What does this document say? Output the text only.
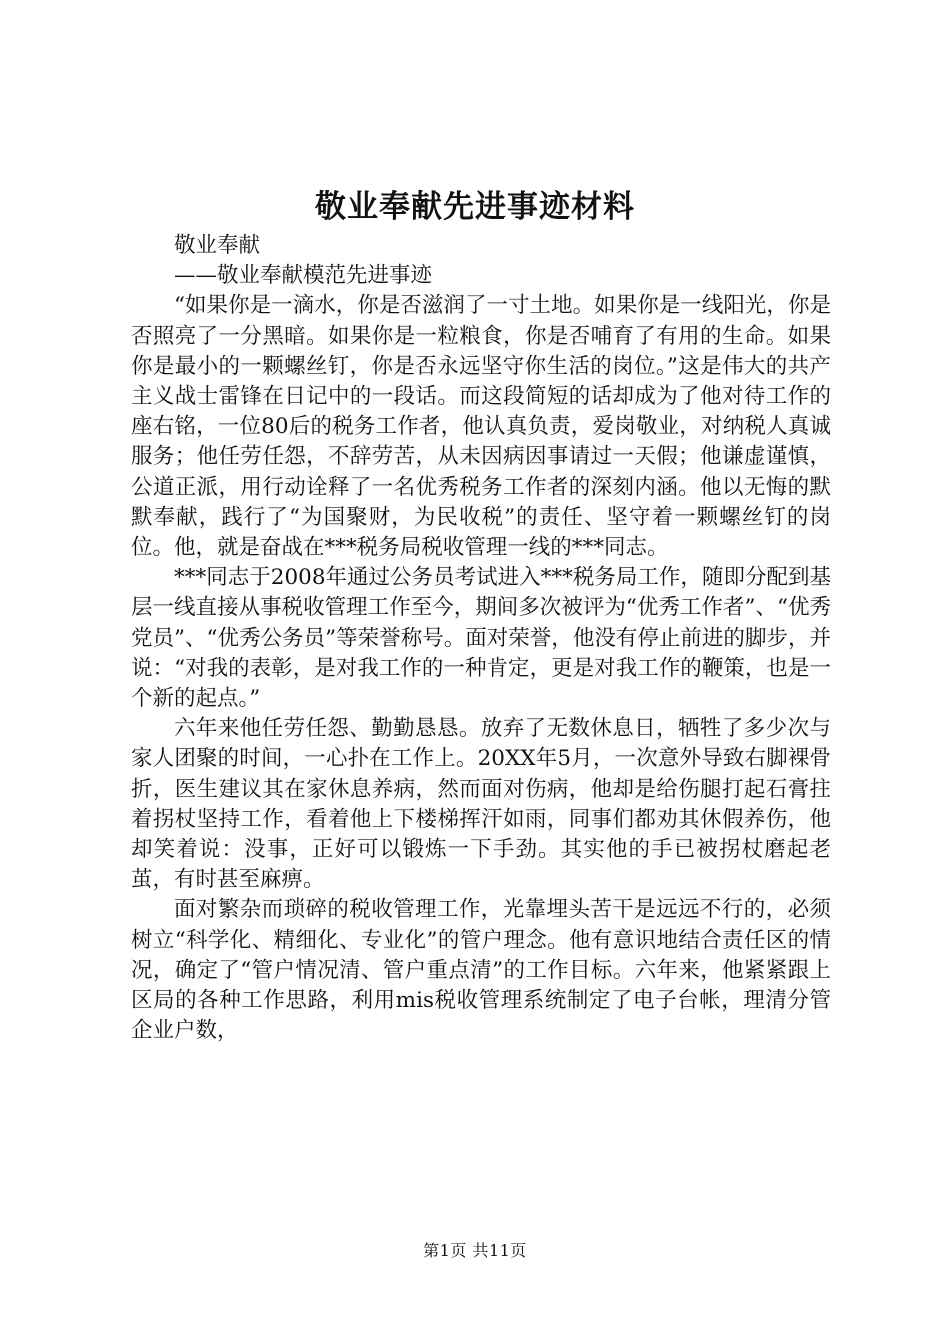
敬业奉献先进事迹材料

敬业奉献

——敬业奉献模范先进事迹

“如果你是一滴水，你是否滋润了一寸土地。如果你是一线阳光，你是否照亮了一分黑暗。如果你是一粒粮食，你是否哺育了有用的生命。如果你是最小的一颗螺丝钉，你是否永远坚守你生活的岗位。”这是伟大的共产主义战士雷锋在日记中的一段话。而这段简短的话却成为了他对待工作的座右铭，一位80后的税务工作者，他认真负责，爱岗敬业，对纳税人真诚服务；他任劳任怨，不辞劳苦，从未因病因事请过一天假；他谦虚谨慎，公道正派，用行动诠释了一名优秀税务工作者的深刻内涵。他以无悔的默默奉献，践行了“为国聚财，为民收税”的责任、坚守着一颗螺丝钉的岗位。他，就是奋战在***税务局税收管理一线的***同志。

***同志于2008年通过公务员考试进入***税务局工作，随即分配到基层一线直接从事税收管理工作至今，期间多次被评为“优秀工作者”、“优秀党员”、“优秀公务员”等荣誉称号。面对荣誉，他没有停止前进的脚步，并说：“对我的表彰，是对我工作的一种肯定，更是对我工作的鞭策，也是一个新的起点。”

六年来他任劳任怨、勤勤恳恳。放弃了无数休息日，牺牲了多少次与家人团聚的时间，一心扑在工作上。20XX年5月，一次意外导致右脚裸骨折，医生建议其在家休息养病，然而面对伤病，他却是给伤腿打起石膏拄着拐杖坚持工作，看着他上下楼梯挥汗如雨，同事们都劝其休假养伤，他却笑着说：没事，正好可以锻炼一下手劲。其实他的手已被拐杖磨起老茧，有时甚至麻痹。

面对繁杂而琐碎的税收管理工作，光靠埋头苦干是远远不行的，必须树立“科学化、精细化、专业化”的管户理念。他有意识地结合责任区的情况，确定了“管户情况清、管户重点清”的工作目标。六年来，他紧紧跟上区局的各种工作思路，利用mis税收管理系统制定了电子台帐，理清分管企业户数，

第1页 共11页
